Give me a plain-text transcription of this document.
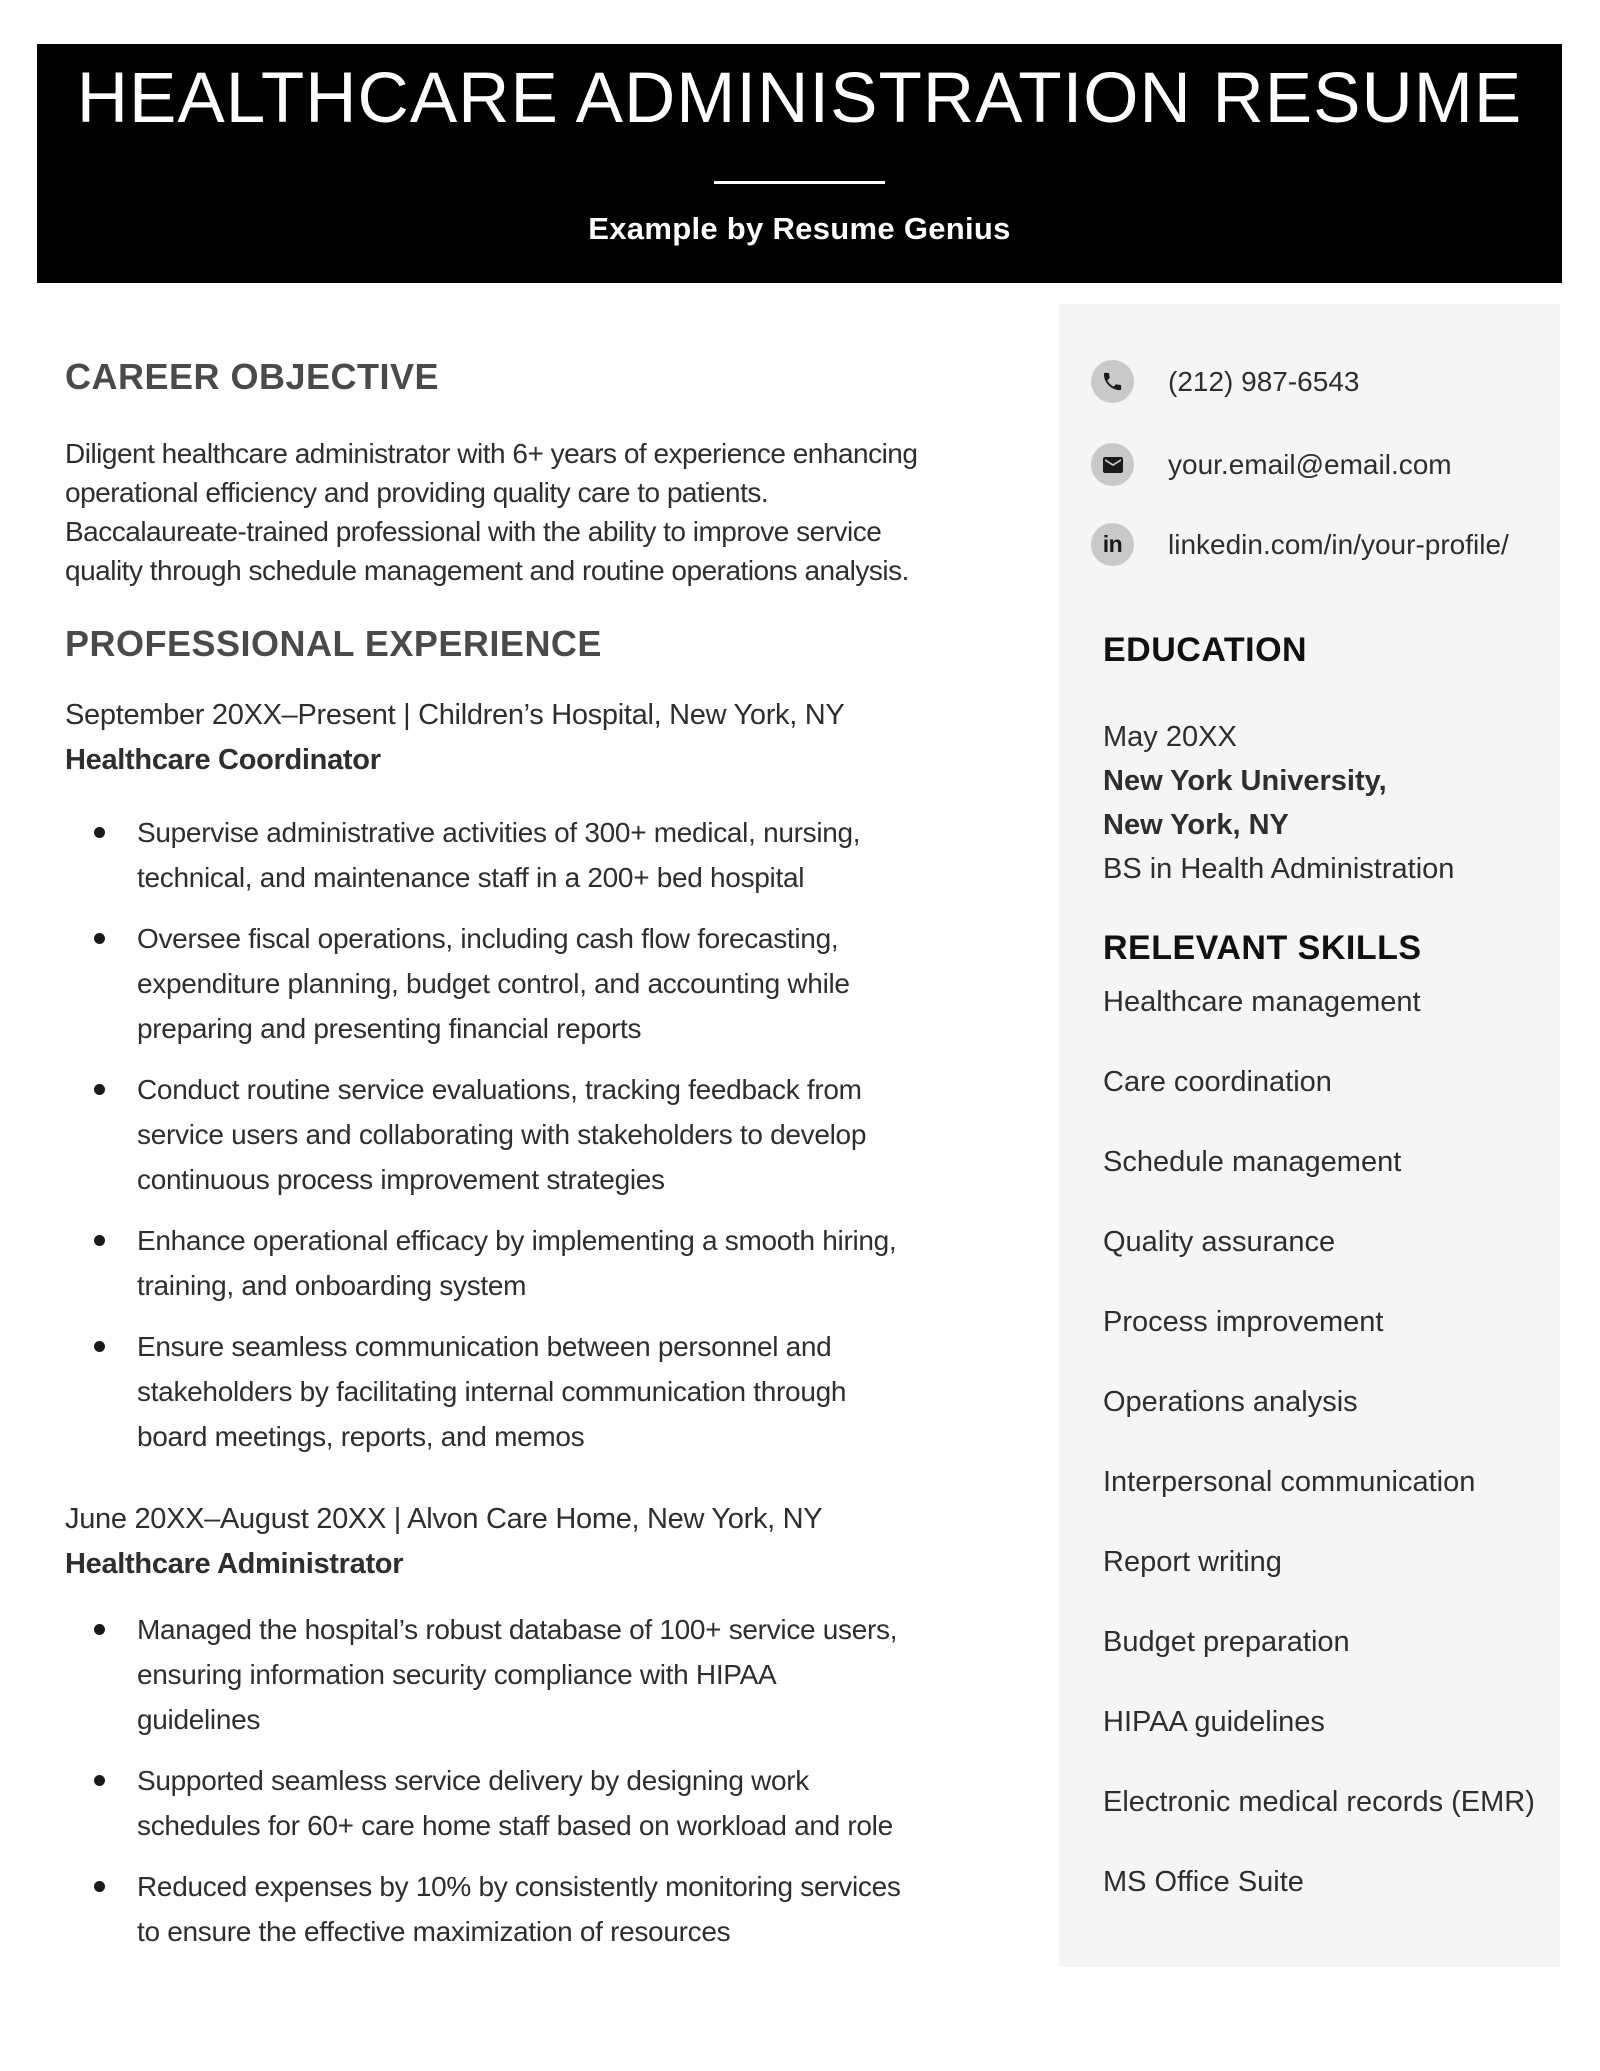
HEALTHCARE ADMINISTRATION RESUME

Example by Resume Genius

CAREER OBJECTIVE

Diligent healthcare administrator with 6+ years of experience enhancing
operational efficiency and providing quality care to patients.
Baccalaureate-trained professional with the ability to improve service
quality through schedule management and routine operations analysis.

PROFESSIONAL EXPERIENCE

September 20XX–Present | Children’s Hospital, New York, NY
Healthcare Coordinator

Supervise administrative activities of 300+ medical, nursing,
technical, and maintenance staff in a 200+ bed hospital
Oversee fiscal operations, including cash flow forecasting,
expenditure planning, budget control, and accounting while
preparing and presenting financial reports
Conduct routine service evaluations, tracking feedback from
service users and collaborating with stakeholders to develop
continuous process improvement strategies
Enhance operational efficacy by implementing a smooth hiring,
training, and onboarding system
Ensure seamless communication between personnel and
stakeholders by facilitating internal communication through
board meetings, reports, and memos

June 20XX–August 20XX | Alvon Care Home, New York, NY
Healthcare Administrator

Managed the hospital’s robust database of 100+ service users,
ensuring information security compliance with HIPAA
guidelines
Supported seamless service delivery by designing work
schedules for 60+ care home staff based on workload and role
Reduced expenses by 10% by consistently monitoring services
to ensure the effective maximization of resources
(212) 987-6543
your.email@email.com
in linkedin.com/in/your-profile/
EDUCATION
May 20XX
New York University,
New York, NY
BS in Health Administration
RELEVANT SKILLS
Healthcare management
Care coordination
Schedule management
Quality assurance
Process improvement
Operations analysis
Interpersonal communication
Report writing
Budget preparation
HIPAA guidelines
Electronic medical records (EMR)
MS Office Suite
